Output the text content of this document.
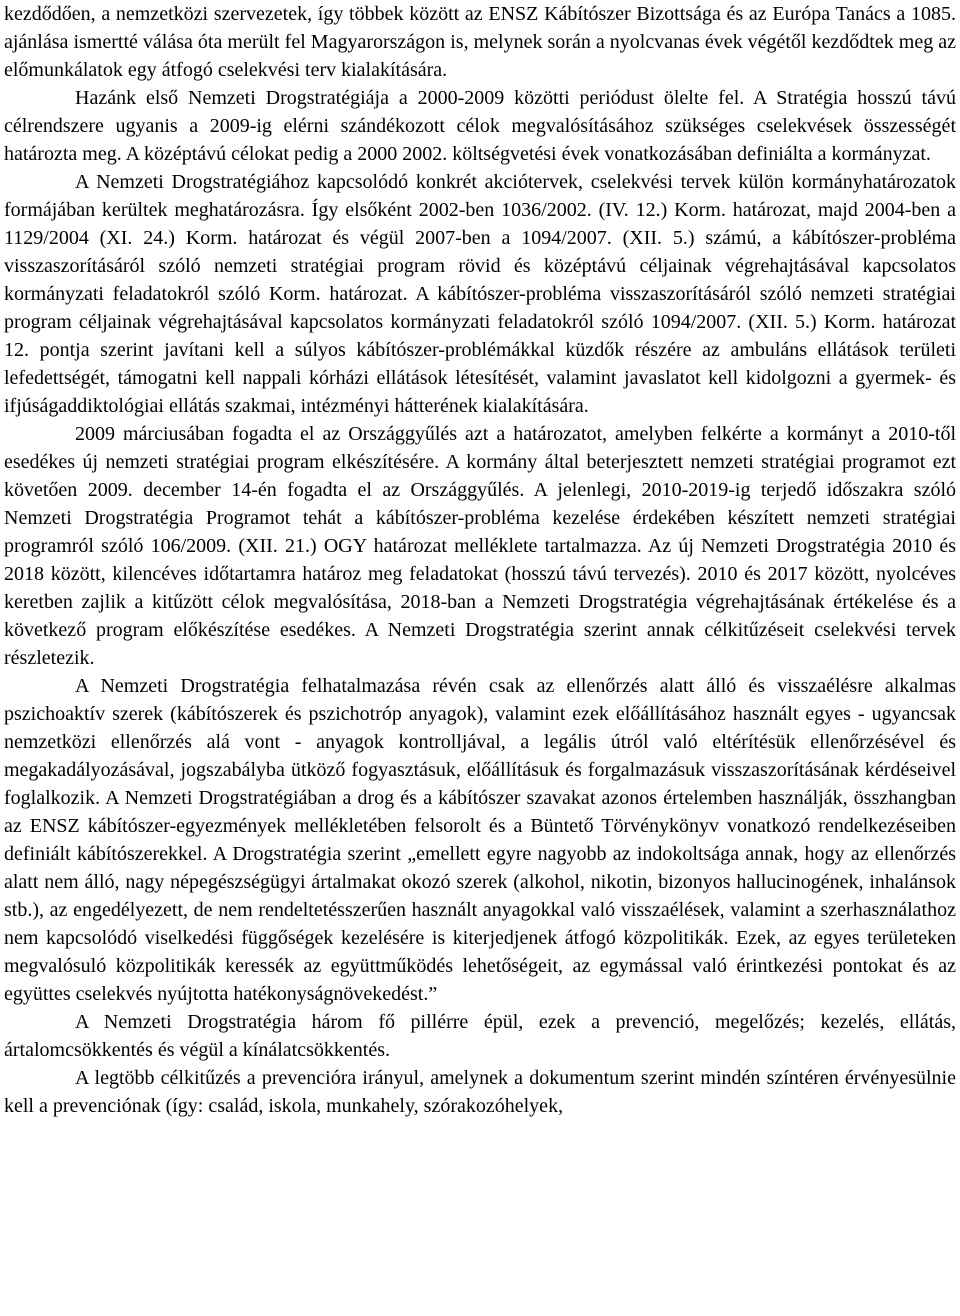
kezdődően, a nemzetközi szervezetek, így többek között az ENSZ Kábítószer Bizottsága és az Európa Tanács a 1085. ajánlása ismertté válása óta merült fel Magyarországon is, melynek során a nyolcvanas évek végétől kezdődtek meg az előmunkálatok egy átfogó cselekvési terv kialakítására.

Hazánk első Nemzeti Drogstratégiája a 2000-2009 közötti periódust ölelte fel. A Stratégia hosszú távú célrendszere ugyanis a 2009-ig elérni szándékozott célok megvalósításához szükséges cselekvések összességét határozta meg. A középtávú célokat pedig a 2000 2002. költségvetési évek vonatkozásában definiálta a kormányzat.

A Nemzeti Drogstratégiához kapcsolódó konkrét akciótervek, cselekvési tervek külön kormányhatározatok formájában kerültek meghatározásra. Így elsőként 2002-ben 1036/2002. (IV. 12.) Korm. határozat, majd 2004-ben a 1129/2004 (XI. 24.) Korm. határozat és végül 2007-ben a 1094/2007. (XII. 5.) számú, a kábítószer-probléma visszaszorításáról szóló nemzeti stratégiai program rövid és középtávú céljainak végrehajtásával kapcsolatos kormányzati feladatokról szóló Korm. határozat. A kábítószer-probléma visszaszorításáról szóló nemzeti stratégiai program céljainak végrehajtásával kapcsolatos kormányzati feladatokról szóló 1094/2007. (XII. 5.) Korm. határozat 12. pontja szerint javítani kell a súlyos kábítószer-problémákkal küzdők részére az ambuláns ellátások területi lefedettségét, támogatni kell nappali kórházi ellátások létesítését, valamint javaslatot kell kidolgozni a gyermek- és ifjúságaddiktológiai ellátás szakmai, intézményi hátterének kialakítására.

2009 márciusában fogadta el az Országgyűlés azt a határozatot, amelyben felkérte a kormányt a 2010-től esedékes új nemzeti stratégiai program elkészítésére. A kormány által beterjesztett nemzeti stratégiai programot ezt követően 2009. december 14-én fogadta el az Országgyűlés. A jelenlegi, 2010-2019-ig terjedő időszakra szóló Nemzeti Drogstratégia Programot tehát a kábítószer-probléma kezelése érdekében készített nemzeti stratégiai programról szóló 106/2009. (XII. 21.) OGY határozat melléklete tartalmazza. Az új Nemzeti Drogstratégia 2010 és 2018 között, kilencéves időtartamra határoz meg feladatokat (hosszú távú tervezés). 2010 és 2017 között, nyolcéves keretben zajlik a kitűzött célok megvalósítása, 2018-ban a Nemzeti Drogstratégia végrehajtásának értékelése és a következő program előkészítése esedékes. A Nemzeti Drogstratégia szerint annak célkitűzéseit cselekvési tervek részletezik.

A Nemzeti Drogstratégia felhatalmazása révén csak az ellenőrzés alatt álló és visszaélésre alkalmas pszichoaktív szerek (kábítószerek és pszichotróp anyagok), valamint ezek előállításához használt egyes - ugyancsak nemzetközi ellenőrzés alá vont - anyagok kontrolljával, a legális útról való eltérítésük ellenőrzésével és megakadályozásával, jogszabályba ütköző fogyasztásuk, előállításuk és forgalmazásuk visszaszorításának kérdéseivel foglalkozik. A Nemzeti Drogstratégiában a drog és a kábítószer szavakat azonos értelemben használják, összhangban az ENSZ kábítószer-egyezmények mellékletében felsorolt és a Büntető Törvénykönyv vonatkozó rendelkezéseiben definiált kábítószerekkel. A Drogstratégia szerint „emellett egyre nagyobb az indokoltsága annak, hogy az ellenőrzés alatt nem álló, nagy népegészségügyi ártalmakat okozó szerek (alkohol, nikotin, bizonyos hallucinogének, inhalánsok stb.), az engedélyezett, de nem rendeltetésszerűen használt anyagokkal való visszaélések, valamint a szerhasználathoz nem kapcsolódó viselkedési függőségek kezelésére is kiterjedjenek átfogó közpolitikák. Ezek, az egyes területeken megvalósuló közpolitikák keressék az együttműködés lehetőségeit, az egymással való érintkezési pontokat és az együttes cselekvés nyújtotta hatékonyságnövekedést.”

A Nemzeti Drogstratégia három fő pillérre épül, ezek a prevenció, megelőzés; kezelés, ellátás, ártalomcsökkentés és végül a kínálatcsökkentés.

A legtöbb célkitűzés a prevencióra irányul, amelynek a dokumentum szerint mindén színtéren érvényesülnie kell a prevenciónak (így: család, iskola, munkahely, szórakozóhelyek,
